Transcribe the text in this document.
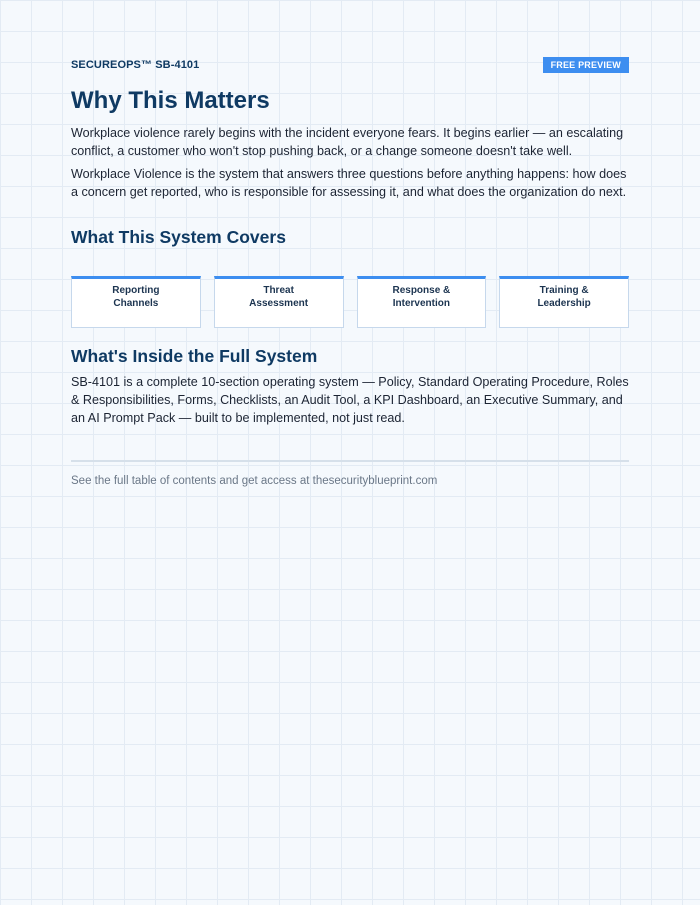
SECUREOPS™ SB-4101	FREE PREVIEW
Why This Matters

Workplace violence rarely begins with the incident everyone fears. It begins earlier — an escalating conflict, a customer who won't stop pushing back, or a change someone doesn't take well.

Workplace Violence is the system that answers three questions before anything happens: how does a concern get reported, who is responsible for assessing it, and what does the organization do next.

What This System Covers
Reporting
Channels
Threat
Assessment
Response &
Intervention
Training &
Leadership
What's Inside the Full System

SB-4101 is a complete 10-section operating system — Policy, Standard Operating Procedure, Roles & Responsibilities, Forms, Checklists, an Audit Tool, a KPI Dashboard, an Executive Summary, and an AI Prompt Pack — built to be implemented, not just read.

See the full table of contents and get access at thesecurityblueprint.com
